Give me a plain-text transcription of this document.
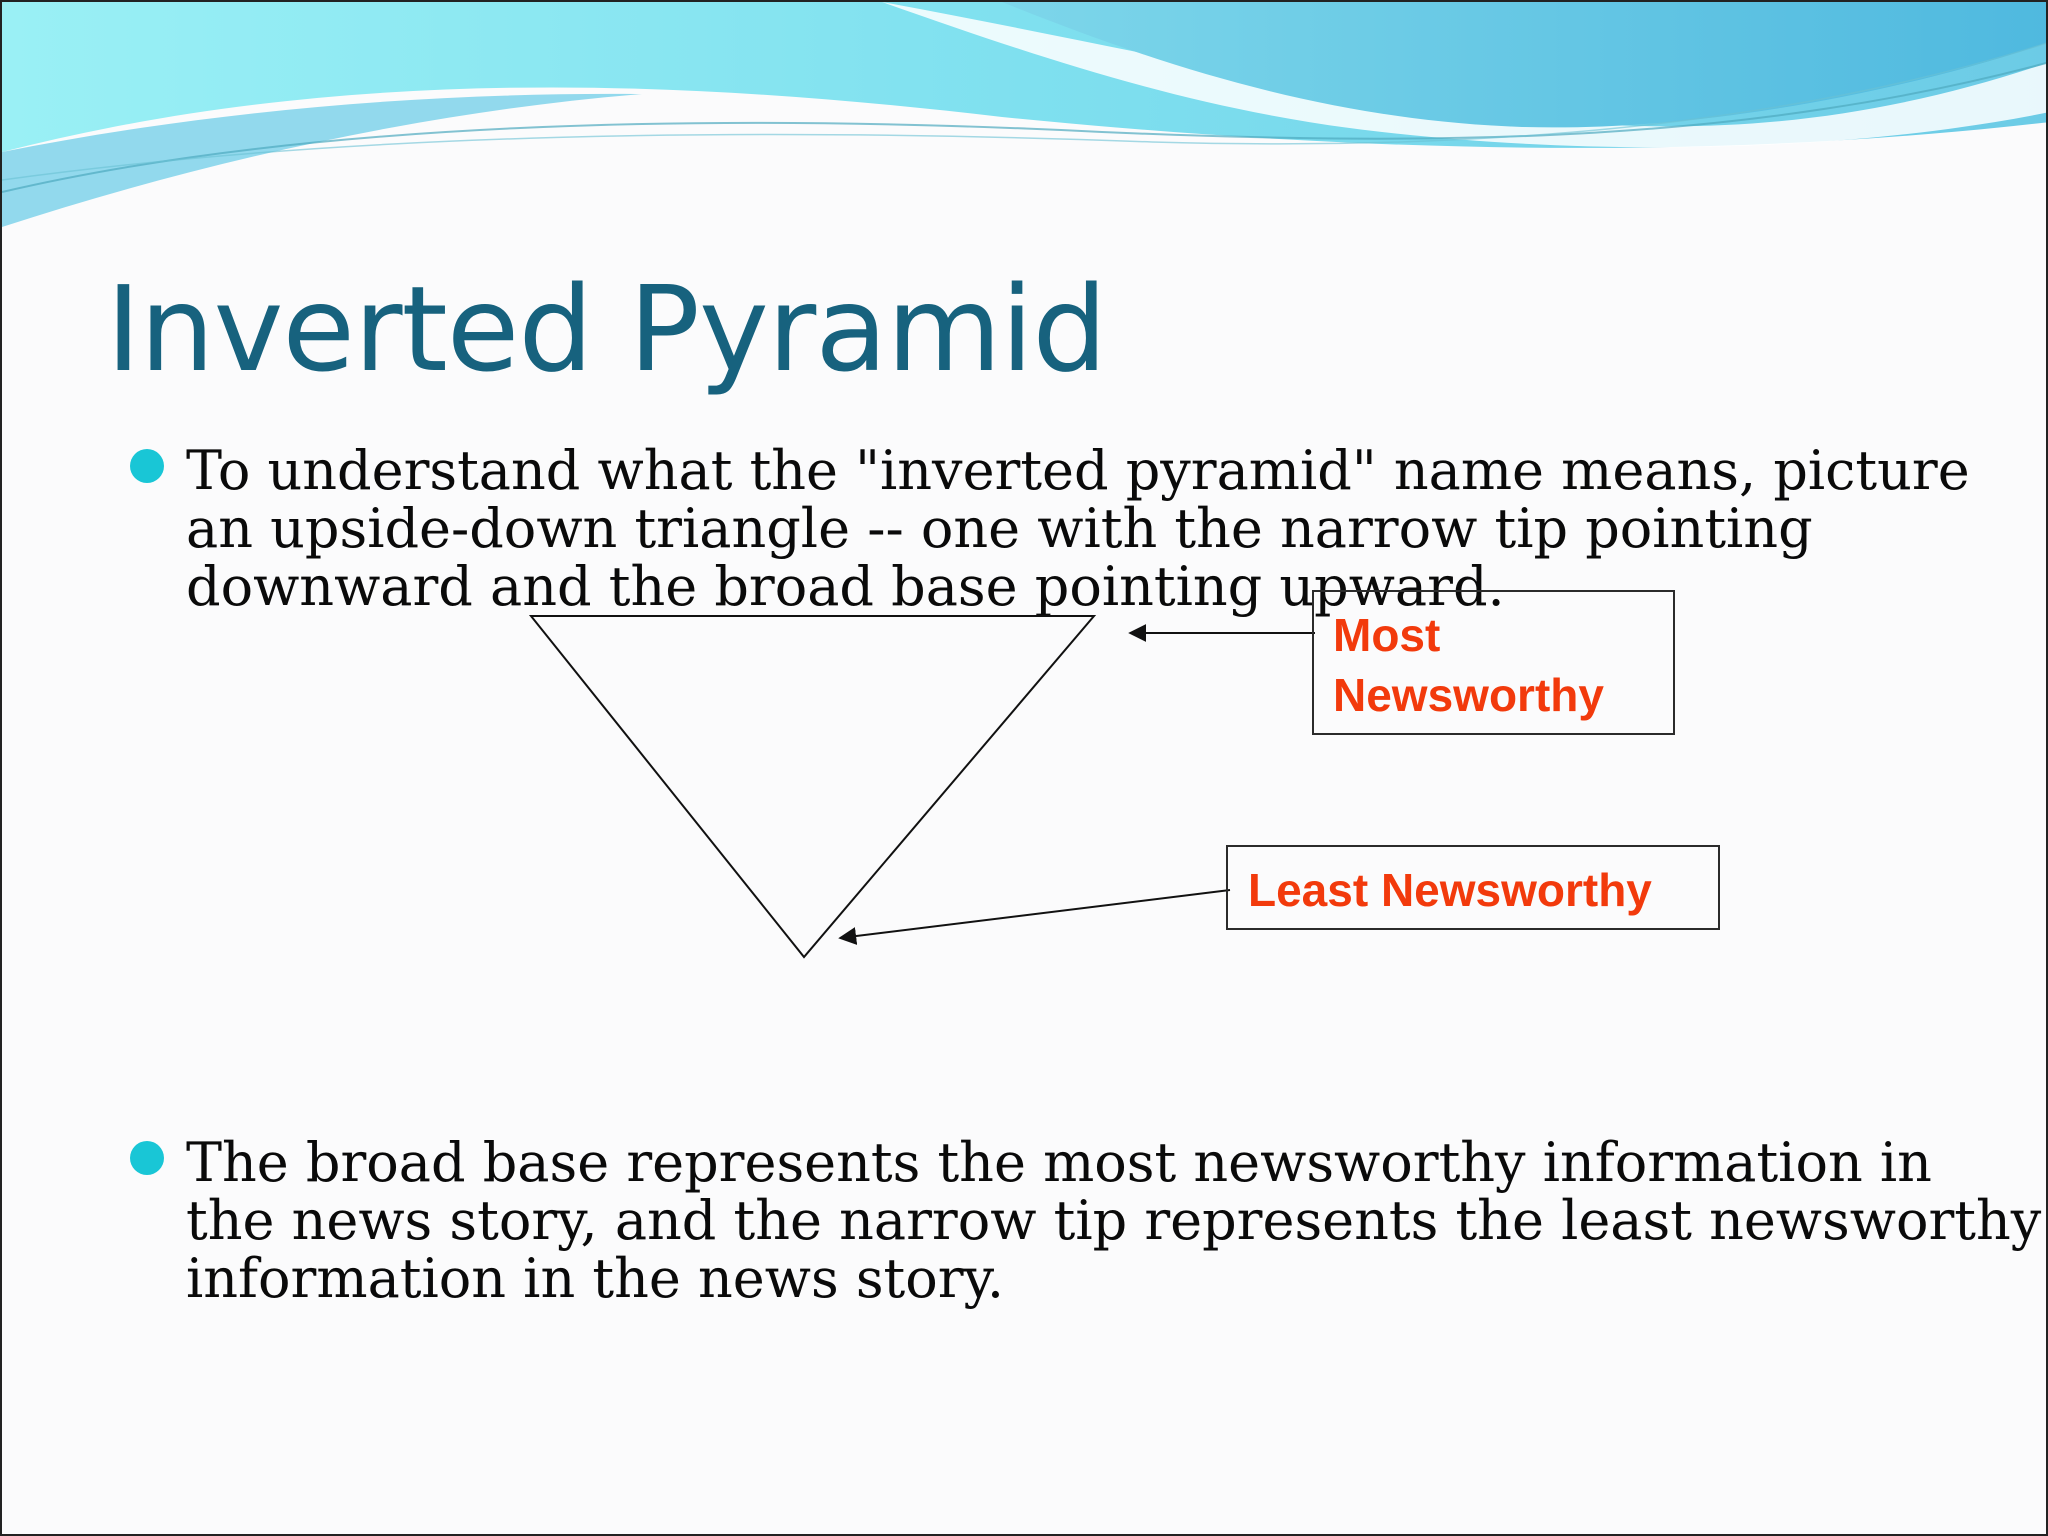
Inverted Pyramid

To understand what the "inverted pyramid" name means, picture
an upside-down triangle -- one with the narrow tip pointing
downward and the broad base pointing upward.

Most
Newsworthy

Least Newsworthy

The broad base represents the most newsworthy information in
the news story, and the narrow tip represents the least newsworthy
information in the news story.
